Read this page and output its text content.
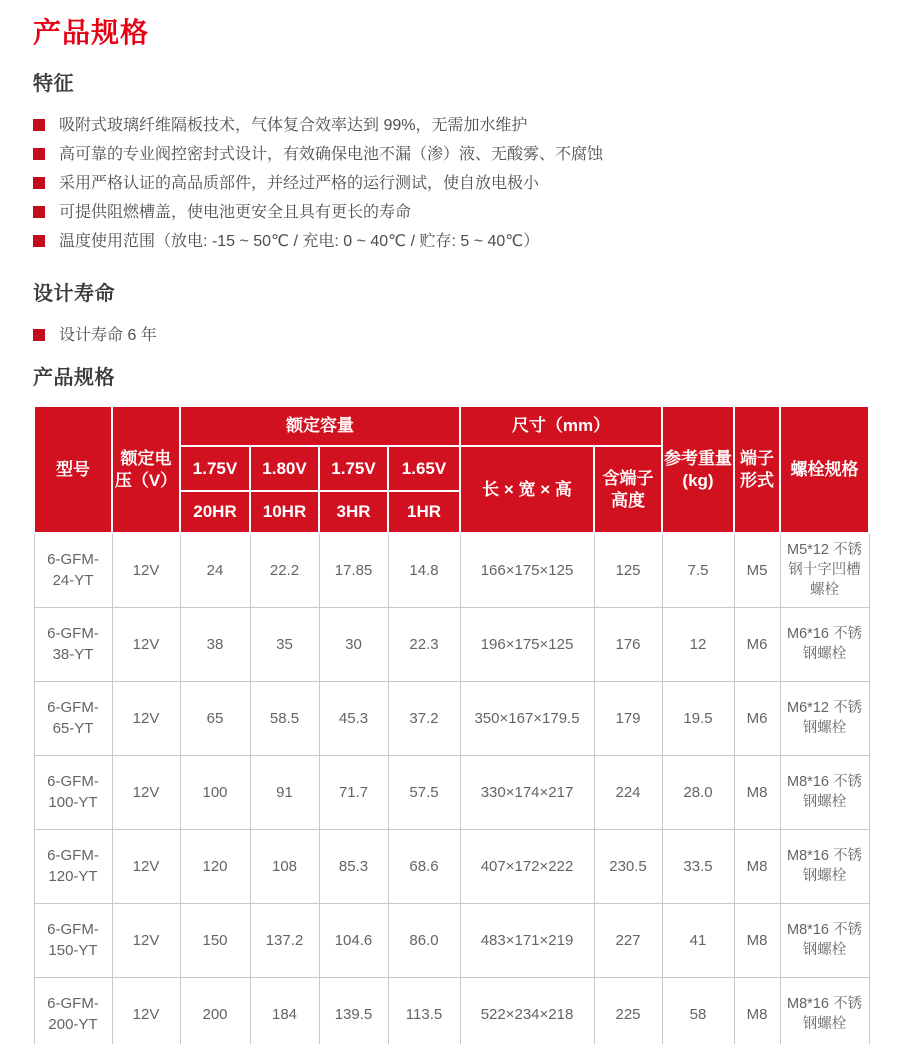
产品规格
特征
吸附式玻璃纤维隔板技术，气体复合效率达到 99%，无需加水维护
高可靠的专业阀控密封式设计，有效确保电池不漏（渗）液、无酸雾、不腐蚀
采用严格认证的高品质部件，并经过严格的运行测试，使自放电极小
可提供阻燃槽盖，使电池更安全且具有更长的寿命
温度使用范围（放电: -15 ~ 50℃ / 充电: 0 ~ 40℃ / 贮存: 5 ~ 40℃）
设计寿命
设计寿命 6 年
产品规格
型号	额定电压（V）	额定容量				尺寸（mm）		参考重量(kg)	端子形式	螺栓规格
		1.75V	1.80V	1.75V	1.65V	长 × 宽 × 高	含端子高度			
		20HR	10HR	3HR	1HR					
6-GFM-24-YT	12V	24	22.2	17.85	14.8	166×175×125	125	7.5	M5	M5*12 不锈钢十字凹槽螺栓
6-GFM-38-YT	12V	38	35	30	22.3	196×175×125	176	12	M6	M6*16 不锈钢螺栓
6-GFM-65-YT	12V	65	58.5	45.3	37.2	350×167×179.5	179	19.5	M6	M6*12 不锈钢螺栓
6-GFM-100-YT	12V	100	91	71.7	57.5	330×174×217	224	28.0	M8	M8*16 不锈钢螺栓
6-GFM-120-YT	12V	120	108	85.3	68.6	407×172×222	230.5	33.5	M8	M8*16 不锈钢螺栓
6-GFM-150-YT	12V	150	137.2	104.6	86.0	483×171×219	227	41	M8	M8*16 不锈钢螺栓
6-GFM-200-YT	12V	200	184	139.5	113.5	522×234×218	225	58	M8	M8*16 不锈钢螺栓
